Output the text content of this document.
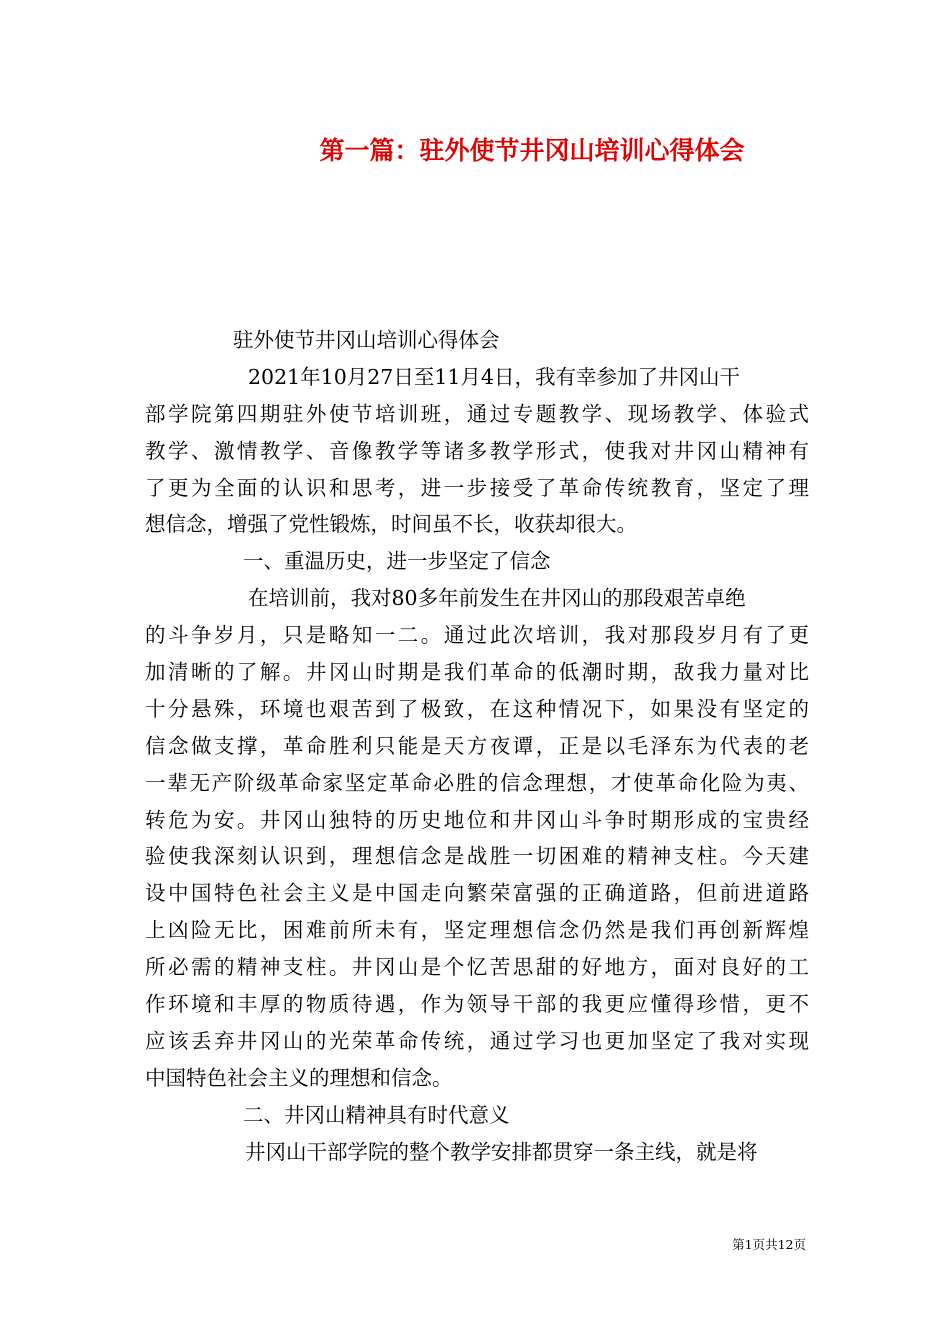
第一篇：驻外使节井冈山培训心得体会
驻外使节井冈山培训心得体会
2021年10月27日至11月4日，我有幸参加了井冈山干
部学院第四期驻外使节培训班，通过专题教学、现场教学、体验式
教学、激情教学、音像教学等诸多教学形式，使我对井冈山精神有
了更为全面的认识和思考，进一步接受了革命传统教育，坚定了理
想信念，增强了党性锻炼，时间虽不长，收获却很大。
一、重温历史，进一步坚定了信念
在培训前，我对80多年前发生在井冈山的那段艰苦卓绝
的斗争岁月，只是略知一二。通过此次培训，我对那段岁月有了更
加清晰的了解。井冈山时期是我们革命的低潮时期，敌我力量对比
十分悬殊，环境也艰苦到了极致，在这种情况下，如果没有坚定的
信念做支撑，革命胜利只能是天方夜谭，正是以毛泽东为代表的老
一辈无产阶级革命家坚定革命必胜的信念理想，才使革命化险为夷、
转危为安。井冈山独特的历史地位和井冈山斗争时期形成的宝贵经
验使我深刻认识到，理想信念是战胜一切困难的精神支柱。今天建
设中国特色社会主义是中国走向繁荣富强的正确道路，但前进道路
上凶险无比，困难前所未有，坚定理想信念仍然是我们再创新辉煌
所必需的精神支柱。井冈山是个忆苦思甜的好地方，面对良好的工
作环境和丰厚的物质待遇，作为领导干部的我更应懂得珍惜，更不
应该丢弃井冈山的光荣革命传统，通过学习也更加坚定了我对实现
中国特色社会主义的理想和信念。
二、井冈山精神具有时代意义
井冈山干部学院的整个教学安排都贯穿一条主线，就是将
第1页共12页
